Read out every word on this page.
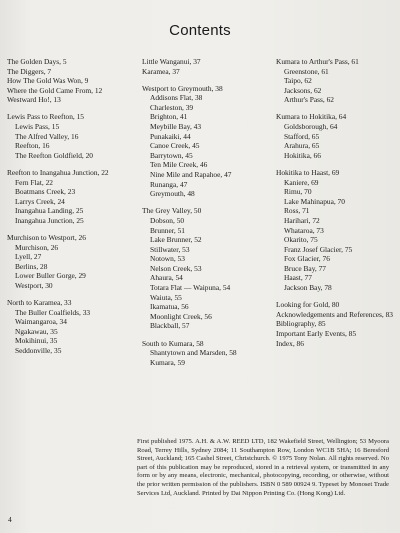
Contents
The Golden Days, 5
The Diggers, 7
How The Gold Was Won, 9
Where the Gold Came From, 12
Westward Ho!, 13
Lewis Pass to Reefton, 15
Lewis Pass, 15
The Alfred Valley, 16
Reefton, 16
The Reefton Goldfield, 20
Reefton to Inangahua Junction, 22
Fern Flat, 22
Boatmans Creek, 23
Larrys Creek, 24
Inangahua Landing, 25
Inangahua Junction, 25
Murchison to Westport, 26
Murchison, 26
Lyell, 27
Berlins, 28
Lower Buller Gorge, 29
Westport, 30
North to Karamea, 33
The Buller Coalfields, 33
Waimangaroa, 34
Ngakawau, 35
Mokihinui, 35
Seddonville, 35
Little Wanganui, 37
Karamea, 37
Westport to Greymouth, 38
Addisons Flat, 38
Charleston, 39
Brighton, 41
Meybille Bay, 43
Punakaiki, 44
Canoe Creek, 45
Barrytown, 45
Ten Mile Creek, 46
Nine Mile and Rapahoe, 47
Runanga, 47
Greymouth, 48
The Grey Valley, 50
Dobson, 50
Brunner, 51
Lake Brunner, 52
Stillwater, 53
Notown, 53
Nelson Creek, 53
Ahaura, 54
Totara Flat — Waipuna, 54
Waiuta, 55
Ikamatua, 56
Moonlight Creek, 56
Blackball, 57
South to Kumara, 58
Shantytown and Marsden, 58
Kumara, 59
Kumara to Arthur's Pass, 61
Greenstone, 61
Taipo, 62
Jacksons, 62
Arthur's Pass, 62
Kumara to Hokitika, 64
Goldsborough, 64
Stafford, 65
Arahura, 65
Hokitika, 66
Hokitika to Haast, 69
Kaniere, 69
Rimu, 70
Lake Mahinapua, 70
Ross, 71
Harihari, 72
Whataroa, 73
Okarito, 75
Franz Josef Glacier, 75
Fox Glacier, 76
Bruce Bay, 77
Haast, 77
Jackson Bay, 78
Looking for Gold, 80
Acknowledgements and References, 83
Bibliography, 85
Important Early Events, 85
Index, 86
First published 1975. A.H. & A.W. REED LTD, 182 Wakefield Street, Wellington; 53 Myoora Road, Terrey Hills, Sydney 2084; 11 Southampton Row, London WC1B 5HA; 16 Beresford Street, Auckland; 165 Cashel Street, Christchurch. © 1975 Tony Nolan. All rights reserved. No part of this publication may be reproduced, stored in a retrieval system, or transmitted in any form or by any means, electronic, mechanical, photocopying, recording, or otherwise, without the prior written permission of the publishers. ISBN 0 589 00924 9. Typeset by Monoset Trade Services Ltd, Auckland. Printed by Dai Nippon Printing Co. (Hong Kong) Ltd.
4
